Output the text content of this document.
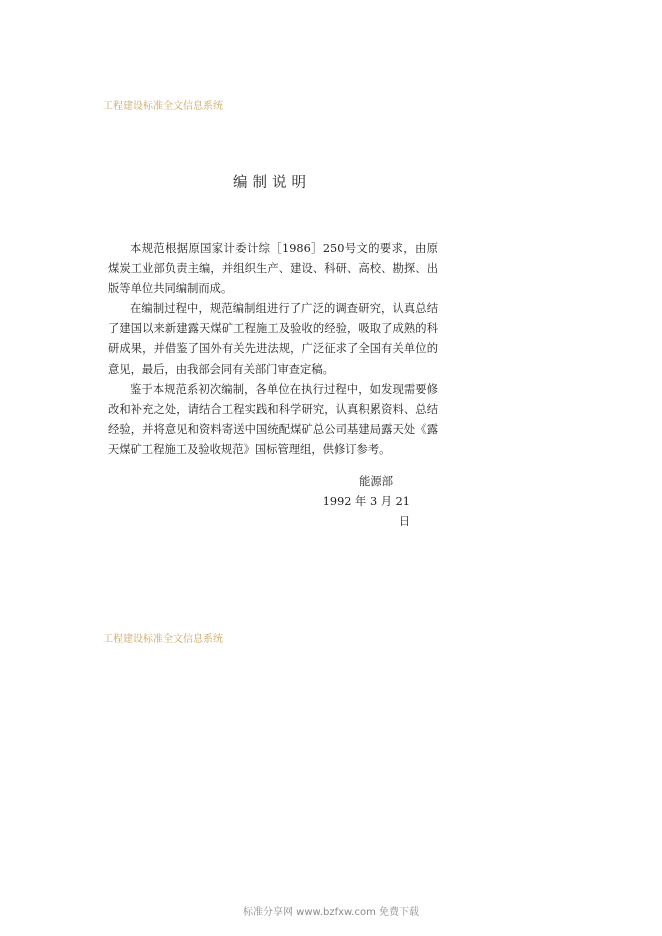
工程建设标准全文信息系统
编制说明

本规范根据原国家计委计综［1986］250号文的要求，由原煤炭工业部负责主编，并组织生产、建设、科研、高校、勘探、出版等单位共同编制而成。

在编制过程中，规范编制组进行了广泛的调查研究，认真总结了建国以来新建露天煤矿工程施工及验收的经验，吸取了成熟的科研成果，并借鉴了国外有关先进法规，广泛征求了全国有关单位的意见，最后，由我部会同有关部门审查定稿。

鉴于本规范系初次编制，各单位在执行过程中，如发现需要修改和补充之处，请结合工程实践和科学研究，认真积累资料、总结经验，并将意见和资料寄送中国统配煤矿总公司基建局露天处《露天煤矿工程施工及验收规范》国标管理组，供修订参考。

能源部
1992 年 3 月 21 日
工程建设标准全文信息系统
标准分享网 www.bzfxw.com 免费下载
